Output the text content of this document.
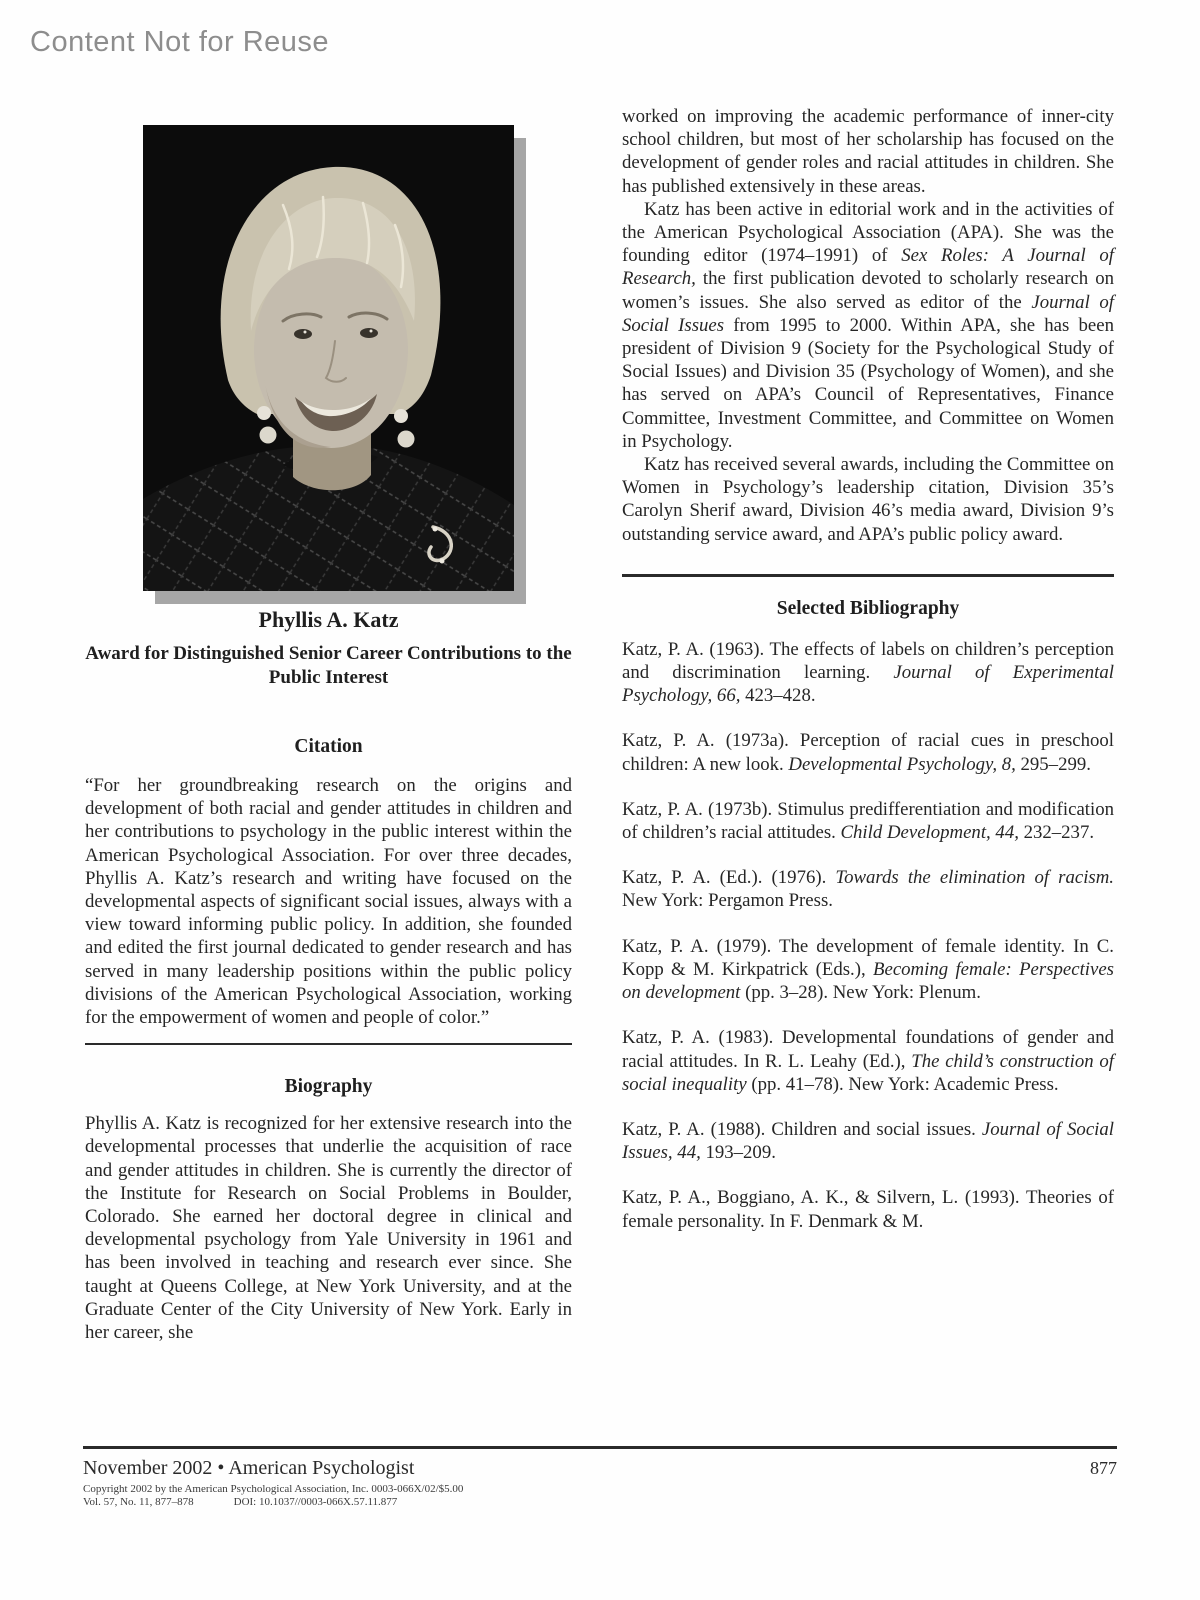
Content Not for Reuse
Phyllis A. Katz
Award for Distinguished Senior Career Contributions to the Public Interest
Citation

“For her groundbreaking research on the origins and development of both racial and gender attitudes in children and her contributions to psychology in the public interest within the American Psychological Association. For over three decades, Phyllis A. Katz’s research and writing have focused on the developmental aspects of significant social issues, always with a view toward informing public policy. In addition, she founded and edited the first journal dedicated to gender research and has served in many leadership positions within the public policy divisions of the American Psychological Association, working for the empowerment of women and people of color.”

Biography

Phyllis A. Katz is recognized for her extensive research into the developmental processes that underlie the acquisition of race and gender attitudes in children. She is currently the director of the Institute for Research on Social Problems in Boulder, Colorado. She earned her doctoral degree in clinical and developmental psychology from Yale University in 1961 and has been involved in teaching and research ever since. She taught at Queens College, at New York University, and at the Graduate Center of the City University of New York. Early in her career, she

worked on improving the academic performance of inner-city school children, but most of her scholarship has focused on the development of gender roles and racial attitudes in children. She has published extensively in these areas.

Katz has been active in editorial work and in the activities of the American Psychological Association (APA). She was the founding editor (1974–1991) of Sex Roles: A Journal of Research, the first publication devoted to scholarly research on women’s issues. She also served as editor of the Journal of Social Issues from 1995 to 2000. Within APA, she has been president of Division 9 (Society for the Psychological Study of Social Issues) and Division 35 (Psychology of Women), and she has served on APA’s Council of Representatives, Finance Committee, Investment Committee, and Committee on Women in Psychology.

Katz has received several awards, including the Committee on Women in Psychology’s leadership citation, Division 35’s Carolyn Sherif award, Division 46’s media award, Division 9’s outstanding service award, and APA’s public policy award.

Selected Bibliography

Katz, P. A. (1963). The effects of labels on children’s perception and discrimination learning. Journal of Experimental Psychology, 66, 423–428.

Katz, P. A. (1973a). Perception of racial cues in preschool children: A new look. Developmental Psychology, 8, 295–299.

Katz, P. A. (1973b). Stimulus predifferentiation and modification of children’s racial attitudes. Child Development, 44, 232–237.

Katz, P. A. (Ed.). (1976). Towards the elimination of racism. New York: Pergamon Press.

Katz, P. A. (1979). The development of female identity. In C. Kopp & M. Kirkpatrick (Eds.), Becoming female: Perspectives on development (pp. 3–28). New York: Plenum.

Katz, P. A. (1983). Developmental foundations of gender and racial attitudes. In R. L. Leahy (Ed.), The child’s construction of social inequality (pp. 41–78). New York: Academic Press.

Katz, P. A. (1988). Children and social issues. Journal of Social Issues, 44, 193–209.

Katz, P. A., Boggiano, A. K., & Silvern, L. (1993). Theories of female personality. In F. Denmark & M.

November 2002 • American Psychologist	877
Copyright 2002 by the American Psychological Association, Inc. 0003-066X/02/$5.00
Vol. 57, No. 11, 877–878	DOI: 10.1037//0003-066X.57.11.877
